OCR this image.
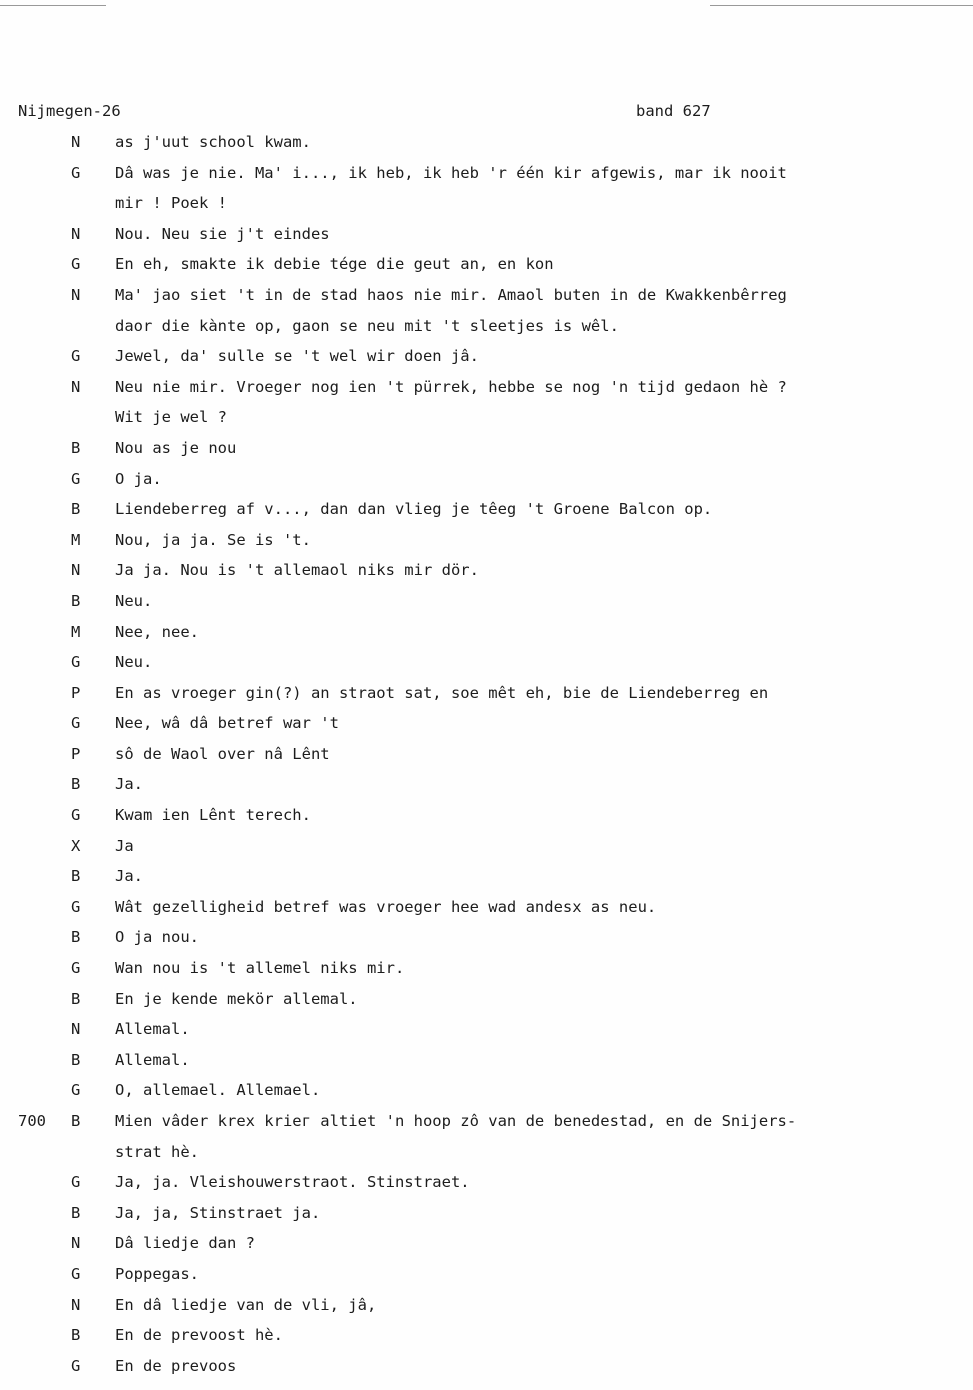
Nijmegen-26	band 627
N as j'uut school kwam.
G Dâ was je nie. Ma' i..., ik heb, ik heb 'r één kir afgewis, mar ik nooit
mir ! Poek !
N Nou. Neu sie j't eindes
G En eh, smakte ik debie tége die geut an, en kon
N Ma' jao siet 't in de stad haos nie mir. Amaol buten in de Kwakkenbêrreg
daor die kànte op, gaon se neu mit 't sleetjes is wêl.
G Jewel, da' sulle se 't wel wir doen jâ.
N Neu nie mir. Vroeger nog ien 't pürrek, hebbe se nog 'n tijd gedaon hè ?
Wit je wel ?
B Nou as je nou
G O ja.
B Liendeberreg af v..., dan dan vlieg je têeg 't Groene Balcon op.
M Nou, ja ja. Se is 't.
N Ja ja. Nou is 't allemaol niks mir dör.
B Neu.
M Nee, nee.
G Neu.
P En as vroeger gin(?) an straot sat, soe mêt eh, bie de Liendeberreg en
G Nee, wâ dâ betref war 't
P sô de Waol over nâ Lênt
B Ja.
G Kwam ien Lênt terech.
X Ja
B Ja.
G Wât gezelligheid betref was vroeger hee wad andesx as neu.
B O ja nou.
G Wan nou is 't allemel niks mir.
B En je kende mekör allemal.
N Allemal.
B Allemal.
G O, allemael. Allemael.
700 B Mien vâder krex kriег altiet 'n hoop zô van de benedestad, en de Snijers-
strat hè.
G Ja, ja. Vleishouwerstraot. Stinstraet.
B Ja, ja, Stinstraet ja.
N Dâ liedje dan ?
G Poppegas.
N En dâ liedje van de vli, jâ,
B En de prevoost hè.
G En de prevoos
